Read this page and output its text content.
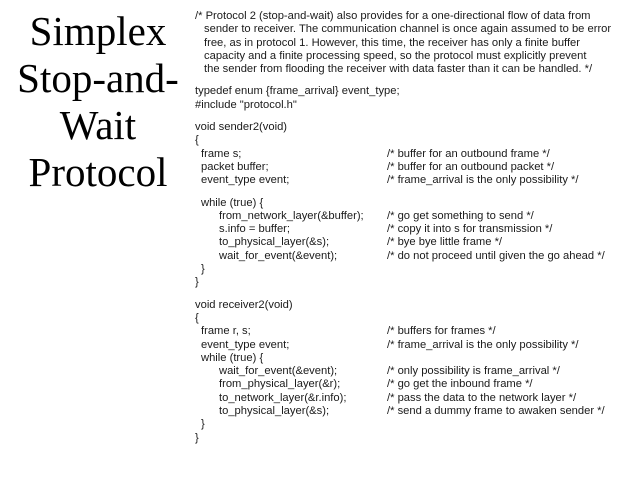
Simplex
Stop-and-
Wait
Protocol
/* Protocol 2 (stop-and-wait) also provides for a one-directional flow of data from
sender to receiver. The communication channel is once again assumed to be error
free, as in protocol 1. However, this time, the receiver has only a finite buffer
capacity and a finite processing speed, so the protocol must explicitly prevent
the sender from flooding the receiver with data faster than it can be handled. */
typedef enum {frame_arrival} event_type;
#include "protocol.h"
void sender2(void)
{
frame s;	/* buffer for an outbound frame */
packet buffer;	/* buffer for an outbound packet */
event_type event;	/* frame_arrival is the only possibility */
while (true) {
from_network_layer(&buffer); /* go get something to send */
s.info = buffer;	/* copy it into s for transmission */
to_physical_layer(&s);	/* bye bye little frame */
wait_for_event(&event);	/* do not proceed until given the go ahead */
}
}
void receiver2(void)
{
frame r, s;	/* buffers for frames */
event_type event;	/* frame_arrival is the only possibility */
while (true) {
wait_for_event(&event);	/* only possibility is frame_arrival */
from_physical_layer(&r);	/* go get the inbound frame */
to_network_layer(&r.info);	/* pass the data to the network layer */
to_physical_layer(&s);	/* send a dummy frame to awaken sender */
}
}
